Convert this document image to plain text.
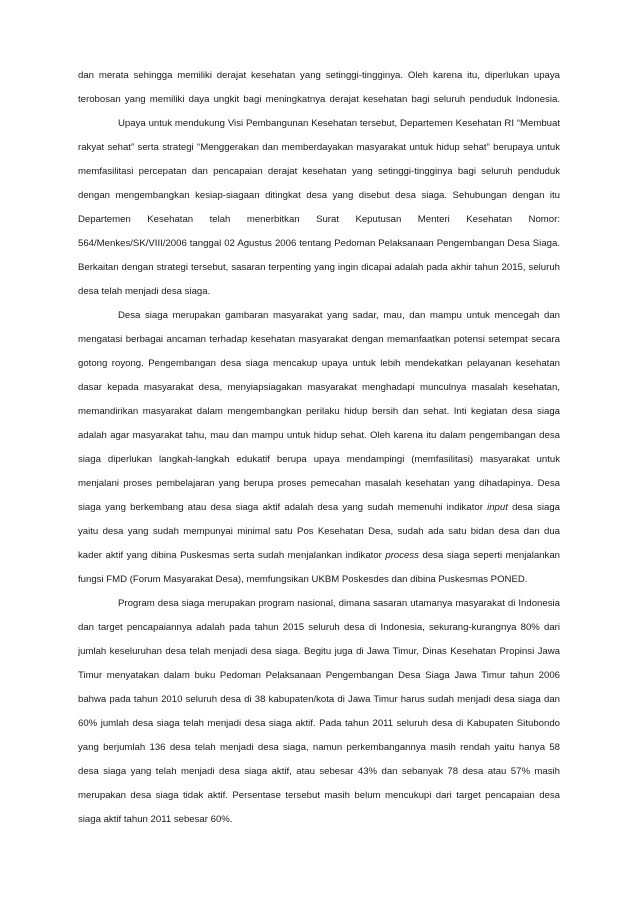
dan merata sehingga memiliki derajat kesehatan yang setinggi-tingginya. Oleh karena itu, diperlukan upaya
terobosan yang memiliki daya ungkit bagi meningkatnya derajat kesehatan bagi seluruh penduduk Indonesia.
Upaya untuk mendukung Visi Pembangunan Kesehatan tersebut, Departemen Kesehatan RI “Membuat
rakyat sehat” serta strategi “Menggerakan dan memberdayakan masyarakat untuk hidup sehat” berupaya untuk
memfasilitasi percepatan dan pencapaian derajat kesehatan yang setinggi-tingginya bagi seluruh penduduk
dengan mengembangkan kesiap-siagaan ditingkat desa yang disebut desa siaga. Sehubungan dengan itu
Departemen Kesehatan telah menerbitkan Surat Keputusan Menteri Kesehatan Nomor:
564/Menkes/SK/VIII/2006 tanggal 02 Agustus 2006 tentang Pedoman Pelaksanaan Pengembangan Desa Siaga.
Berkaitan dengan strategi tersebut, sasaran terpenting yang ingin dicapai adalah pada akhir tahun 2015, seluruh
desa telah menjadi desa siaga.
Desa siaga merupakan gambaran masyarakat yang sadar, mau, dan mampu untuk mencegah dan
mengatasi berbagai ancaman terhadap kesehatan masyarakat dengan memanfaatkan potensi setempat secara
gotong royong. Pengembangan desa siaga mencakup upaya untuk lebih mendekatkan pelayanan kesehatan
dasar kepada masyarakat desa, menyiapsiagakan masyarakat menghadapi munculnya masalah kesehatan,
memandirikan masyarakat dalam mengembangkan perilaku hidup bersih dan sehat. Inti kegiatan desa siaga
adalah agar masyarakat tahu, mau dan mampu untuk hidup sehat. Oleh karena itu dalam pengembangan desa
siaga diperlukan langkah-langkah edukatif berupa upaya mendampingi (memfasilitasi) masyarakat untuk
menjalani proses pembelajaran yang berupa proses pemecahan masalah kesehatan yang dihadapinya. Desa
siaga yang berkembang atau desa siaga aktif adalah desa yang sudah memenuhi indikator input desa siaga
yaitu desa yang sudah mempunyai minimal satu Pos Kesehatan Desa, sudah ada satu bidan desa dan dua
kader aktif yang dibina Puskesmas serta sudah menjalankan indikator process desa siaga seperti menjalankan
fungsi FMD (Forum Masyarakat Desa), memfungsikan UKBM Poskesdes dan dibina Puskesmas PONED.
Program desa siaga merupakan program nasional, dimana sasaran utamanya masyarakat di Indonesia
dan target pencapaiannya adalah pada tahun 2015 seluruh desa di Indonesia, sekurang-kurangnya 80% dari
jumlah keseluruhan desa telah menjadi desa siaga. Begitu juga di Jawa Timur, Dinas Kesehatan Propinsi Jawa
Timur menyatakan dalam buku Pedoman Pelaksanaan Pengembangan Desa Siaga Jawa Timur tahun 2006
bahwa pada tahun 2010 seluruh desa di 38 kabupaten/kota di Jawa Timur harus sudah menjadi desa siaga dan
60% jumlah desa siaga telah menjadi desa siaga aktif. Pada tahun 2011 seluruh desa di Kabupaten Situbondo
yang berjumlah 136 desa telah menjadi desa siaga, namun perkembangannya masih rendah yaitu hanya 58
desa siaga yang telah menjadi desa siaga aktif, atau sebesar 43% dan sebanyak 78 desa atau 57% masih
merupakan desa siaga tidak aktif. Persentase tersebut masih belum mencukupi dari target pencapaian desa
siaga aktif tahun 2011 sebesar 60%.
